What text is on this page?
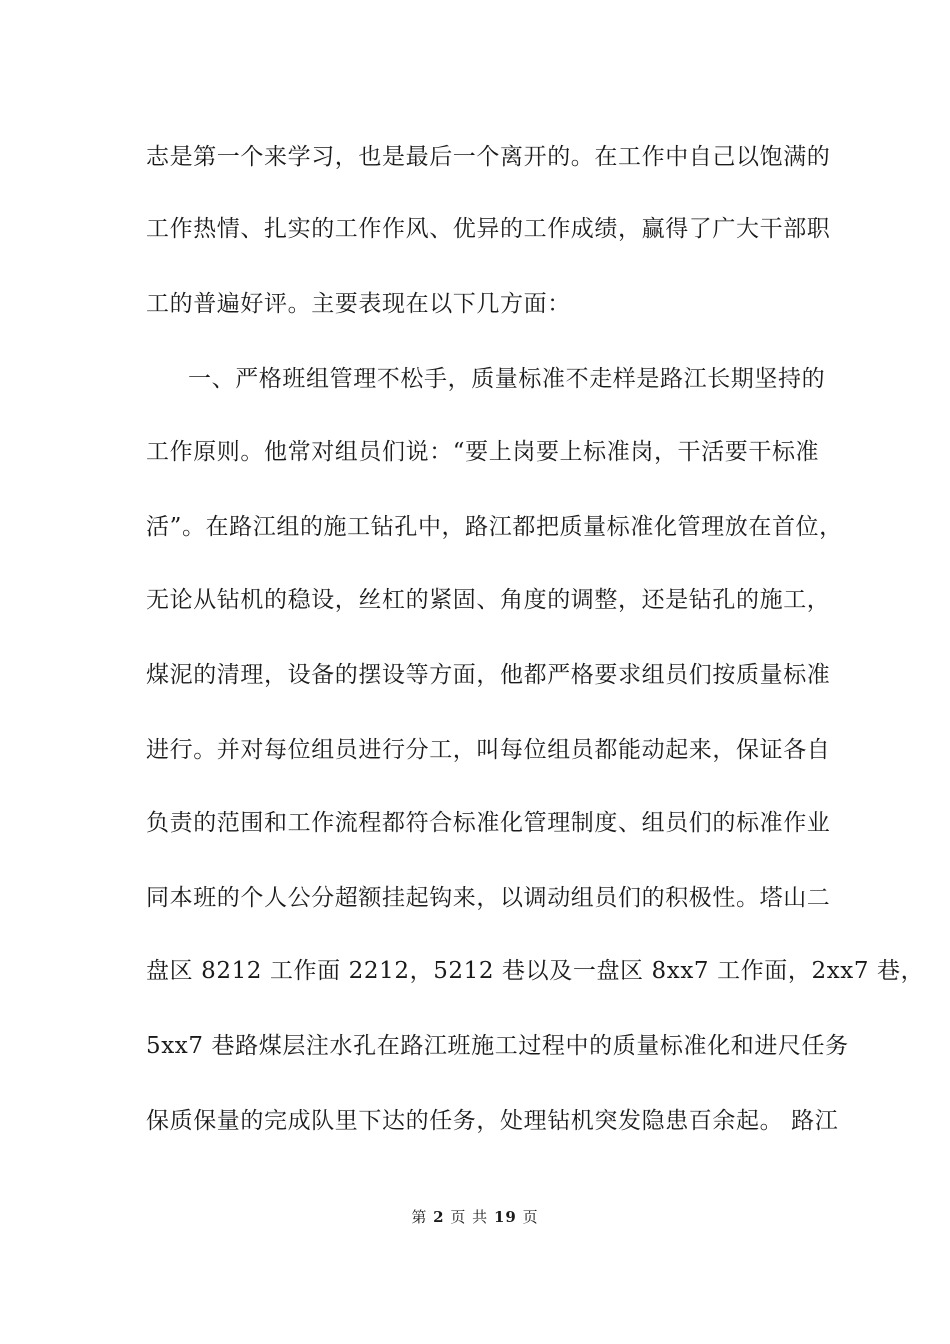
志是第一个来学习，也是最后一个离开的。在工作中自己以饱满的
工作热情、扎实的工作作风、优异的工作成绩，赢得了广大干部职
工的普遍好评。主要表现在以下几方面：
一、严格班组管理不松手，质量标准不走样是路江长期坚持的
工作原则。他常对组员们说：“要上岗要上标准岗，干活要干标准
活”。在路江组的施工钻孔中，路江都把质量标准化管理放在首位，
无论从钻机的稳设，丝杠的紧固、角度的调整，还是钻孔的施工，
煤泥的清理，设备的摆设等方面，他都严格要求组员们按质量标准
进行。并对每位组员进行分工，叫每位组员都能动起来，保证各自
负责的范围和工作流程都符合标准化管理制度、组员们的标准作业
同本班的个人公分超额挂起钩来，以调动组员们的积极性。塔山二
盘区 8212 工作面 2212，5212 巷以及一盘区 8xx7 工作面，2xx7 巷，
5xx7 巷路煤层注水孔在路江班施工过程中的质量标准化和进尺任务
保质保量的完成队里下达的任务，处理钻机突发隐患百余起。 路江
第 2 页 共 19 页
